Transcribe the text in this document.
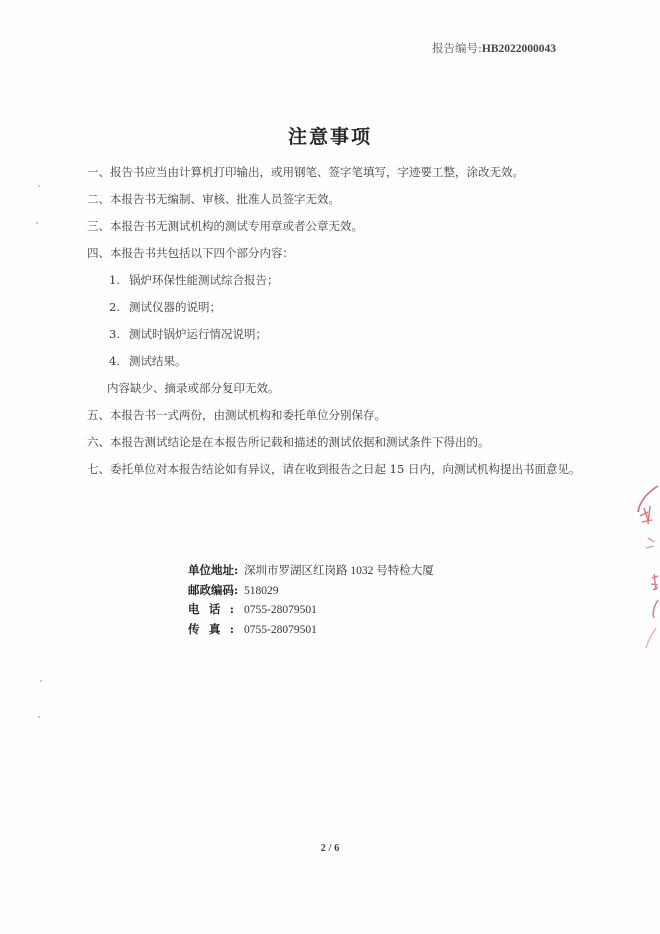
报告编号:HB2022000043
注意事项
一、报告书应当由计算机打印输出，或用钢笔、签字笔填写，字迹要工整，涂改无效。
二、本报告书无编制、审核、批准人员签字无效。
三、本报告书无测试机构的测试专用章或者公章无效。
四、本报告书共包括以下四个部分内容：
1. 锅炉环保性能测试综合报告；
2. 测试仪器的说明；
3. 测试时锅炉运行情况说明；
4. 测试结果。
内容缺少、摘录或部分复印无效。
五、本报告书一式两份，由测试机构和委托单位分别保存。
六、本报告测试结论是在本报告所记载和描述的测试依据和测试条件下得出的。
七、委托单位对本报告结论如有异议，请在收到报告之日起 15 日内，向测试机构提出书面意见。
单位地址: 深圳市罗湖区红岗路 1032 号特检大厦
邮政编码: 518029
电话: 0755-28079501
传真: 0755-28079501
2 / 6
